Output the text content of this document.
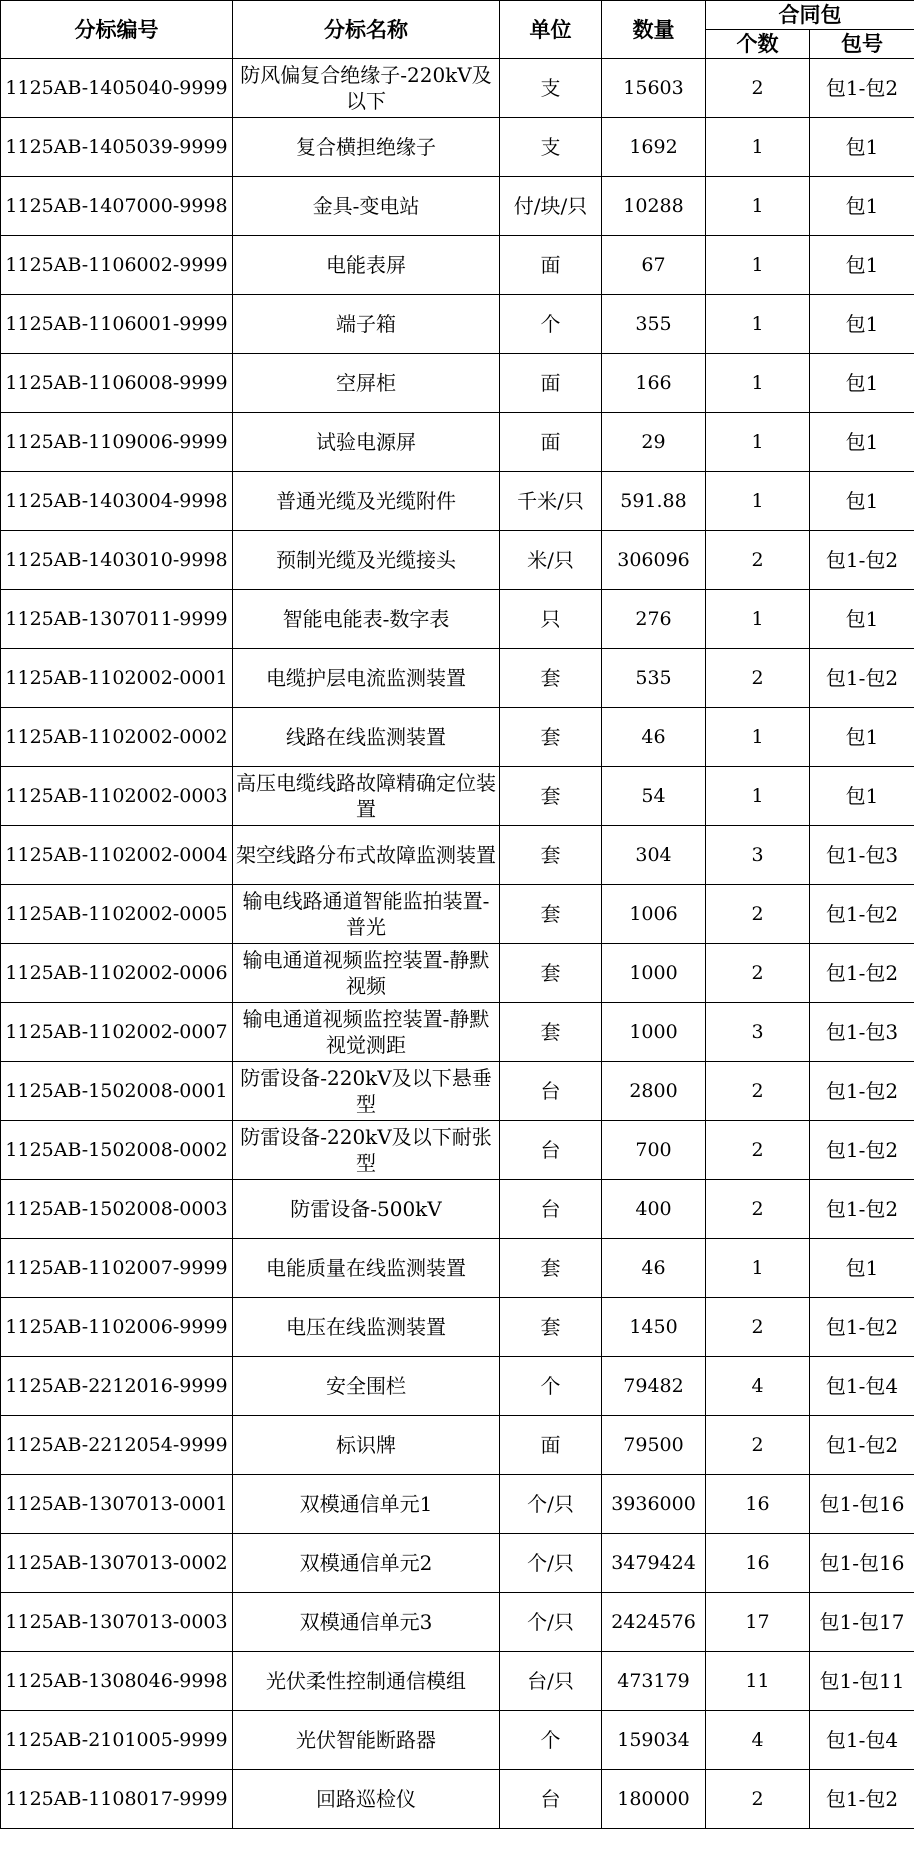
分标编号	分标名称	单位	数量	合同包	
				个数	包号
1125AB-1405040-9999	防风偏复合绝缘子-220kV及以下	支	15603	2	包1-包2
1125AB-1405039-9999	复合横担绝缘子	支	1692	1	包1
1125AB-1407000-9998	金具-变电站	付/块/只	10288	1	包1
1125AB-1106002-9999	电能表屏	面	67	1	包1
1125AB-1106001-9999	端子箱	个	355	1	包1
1125AB-1106008-9999	空屏柜	面	166	1	包1
1125AB-1109006-9999	试验电源屏	面	29	1	包1
1125AB-1403004-9998	普通光缆及光缆附件	千米/只	591.88	1	包1
1125AB-1403010-9998	预制光缆及光缆接头	米/只	306096	2	包1-包2
1125AB-1307011-9999	智能电能表-数字表	只	276	1	包1
1125AB-1102002-0001	电缆护层电流监测装置	套	535	2	包1-包2
1125AB-1102002-0002	线路在线监测装置	套	46	1	包1
1125AB-1102002-0003	高压电缆线路故障精确定位装置	套	54	1	包1
1125AB-1102002-0004	架空线路分布式故障监测装置	套	304	3	包1-包3
1125AB-1102002-0005	输电线路通道智能监拍装置-普光	套	1006	2	包1-包2
1125AB-1102002-0006	输电通道视频监控装置-静默视频	套	1000	2	包1-包2
1125AB-1102002-0007	输电通道视频监控装置-静默视觉测距	套	1000	3	包1-包3
1125AB-1502008-0001	防雷设备-220kV及以下悬垂型	台	2800	2	包1-包2
1125AB-1502008-0002	防雷设备-220kV及以下耐张型	台	700	2	包1-包2
1125AB-1502008-0003	防雷设备-500kV	台	400	2	包1-包2
1125AB-1102007-9999	电能质量在线监测装置	套	46	1	包1
1125AB-1102006-9999	电压在线监测装置	套	1450	2	包1-包2
1125AB-2212016-9999	安全围栏	个	79482	4	包1-包4
1125AB-2212054-9999	标识牌	面	79500	2	包1-包2
1125AB-1307013-0001	双模通信单元1	个/只	3936000	16	包1-包16
1125AB-1307013-0002	双模通信单元2	个/只	3479424	16	包1-包16
1125AB-1307013-0003	双模通信单元3	个/只	2424576	17	包1-包17
1125AB-1308046-9998	光伏柔性控制通信模组	台/只	473179	11	包1-包11
1125AB-2101005-9999	光伏智能断路器	个	159034	4	包1-包4
1125AB-1108017-9999	回路巡检仪	台	180000	2	包1-包2
